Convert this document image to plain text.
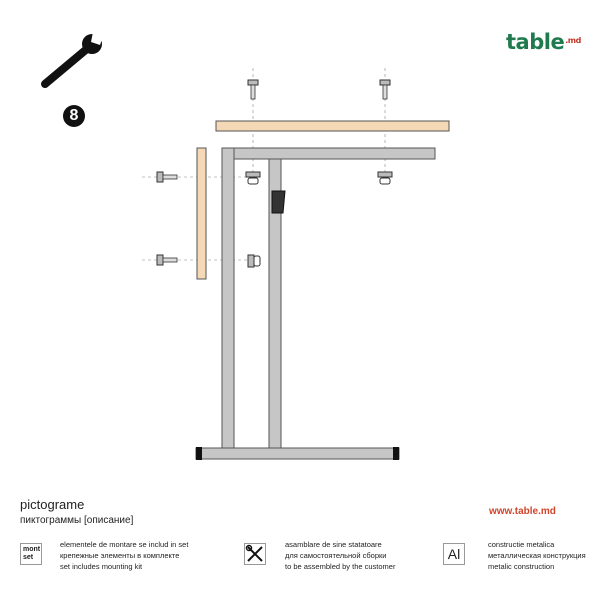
table$^{.md}$
8
pictograme
пиктограммы [описание]
www.table.md
mont set
elementele de montare se includ in set
крепежные элементы в комплекте
set includes mounting kit
asamblare de sine statatoare
для самостоятельной сборки
to be assembled by the customer
Al
constructie metalica
металлическая конструкция
metalic construction
